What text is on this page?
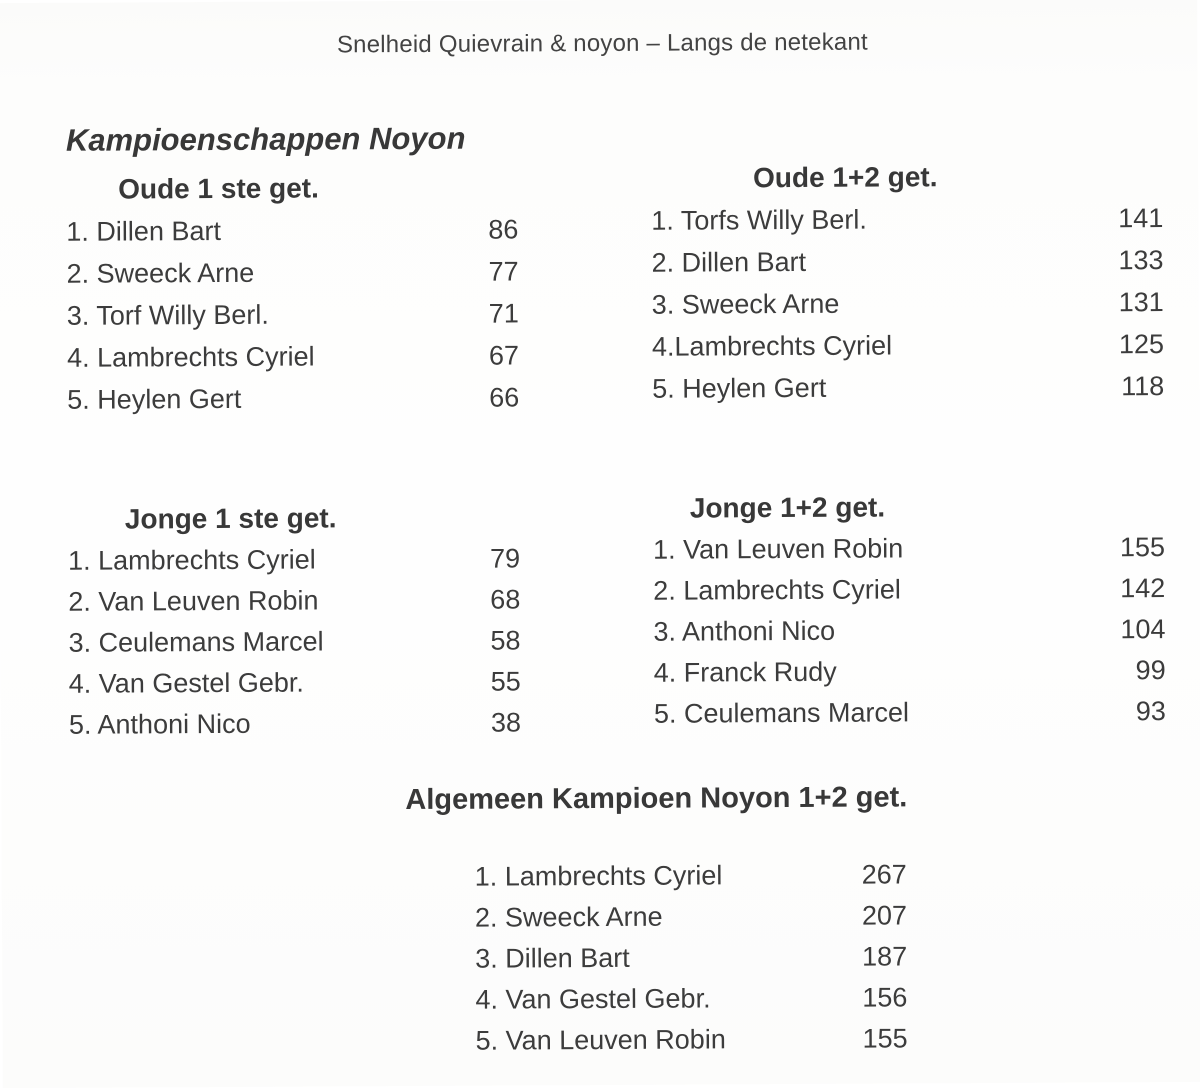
Snelheid Quievrain & noyon – Langs de netekant
Kampioenschappen Noyon
Oude 1 ste get.
1. Dillen Bart	86
2. Sweeck Arne	77
3. Torf Willy Berl.	71
4. Lambrechts Cyriel	67
5. Heylen Gert	66
Oude 1+2 get.
1. Torfs Willy Berl.	141
2. Dillen Bart	133
3. Sweeck Arne	131
4.Lambrechts Cyriel	125
5. Heylen Gert	118
Jonge 1 ste get.
1. Lambrechts Cyriel	79
2. Van Leuven Robin	68
3. Ceulemans Marcel	58
4. Van Gestel Gebr.	55
5. Anthoni Nico	38
Jonge 1+2 get.
1. Van Leuven Robin	155
2. Lambrechts Cyriel	142
3. Anthoni Nico	104
4. Franck Rudy	99
5. Ceulemans Marcel	93
Algemeen Kampioen Noyon 1+2 get.
1. Lambrechts Cyriel	267
2. Sweeck Arne	207
3. Dillen Bart	187
4. Van Gestel Gebr.	156
5. Van Leuven Robin	155
